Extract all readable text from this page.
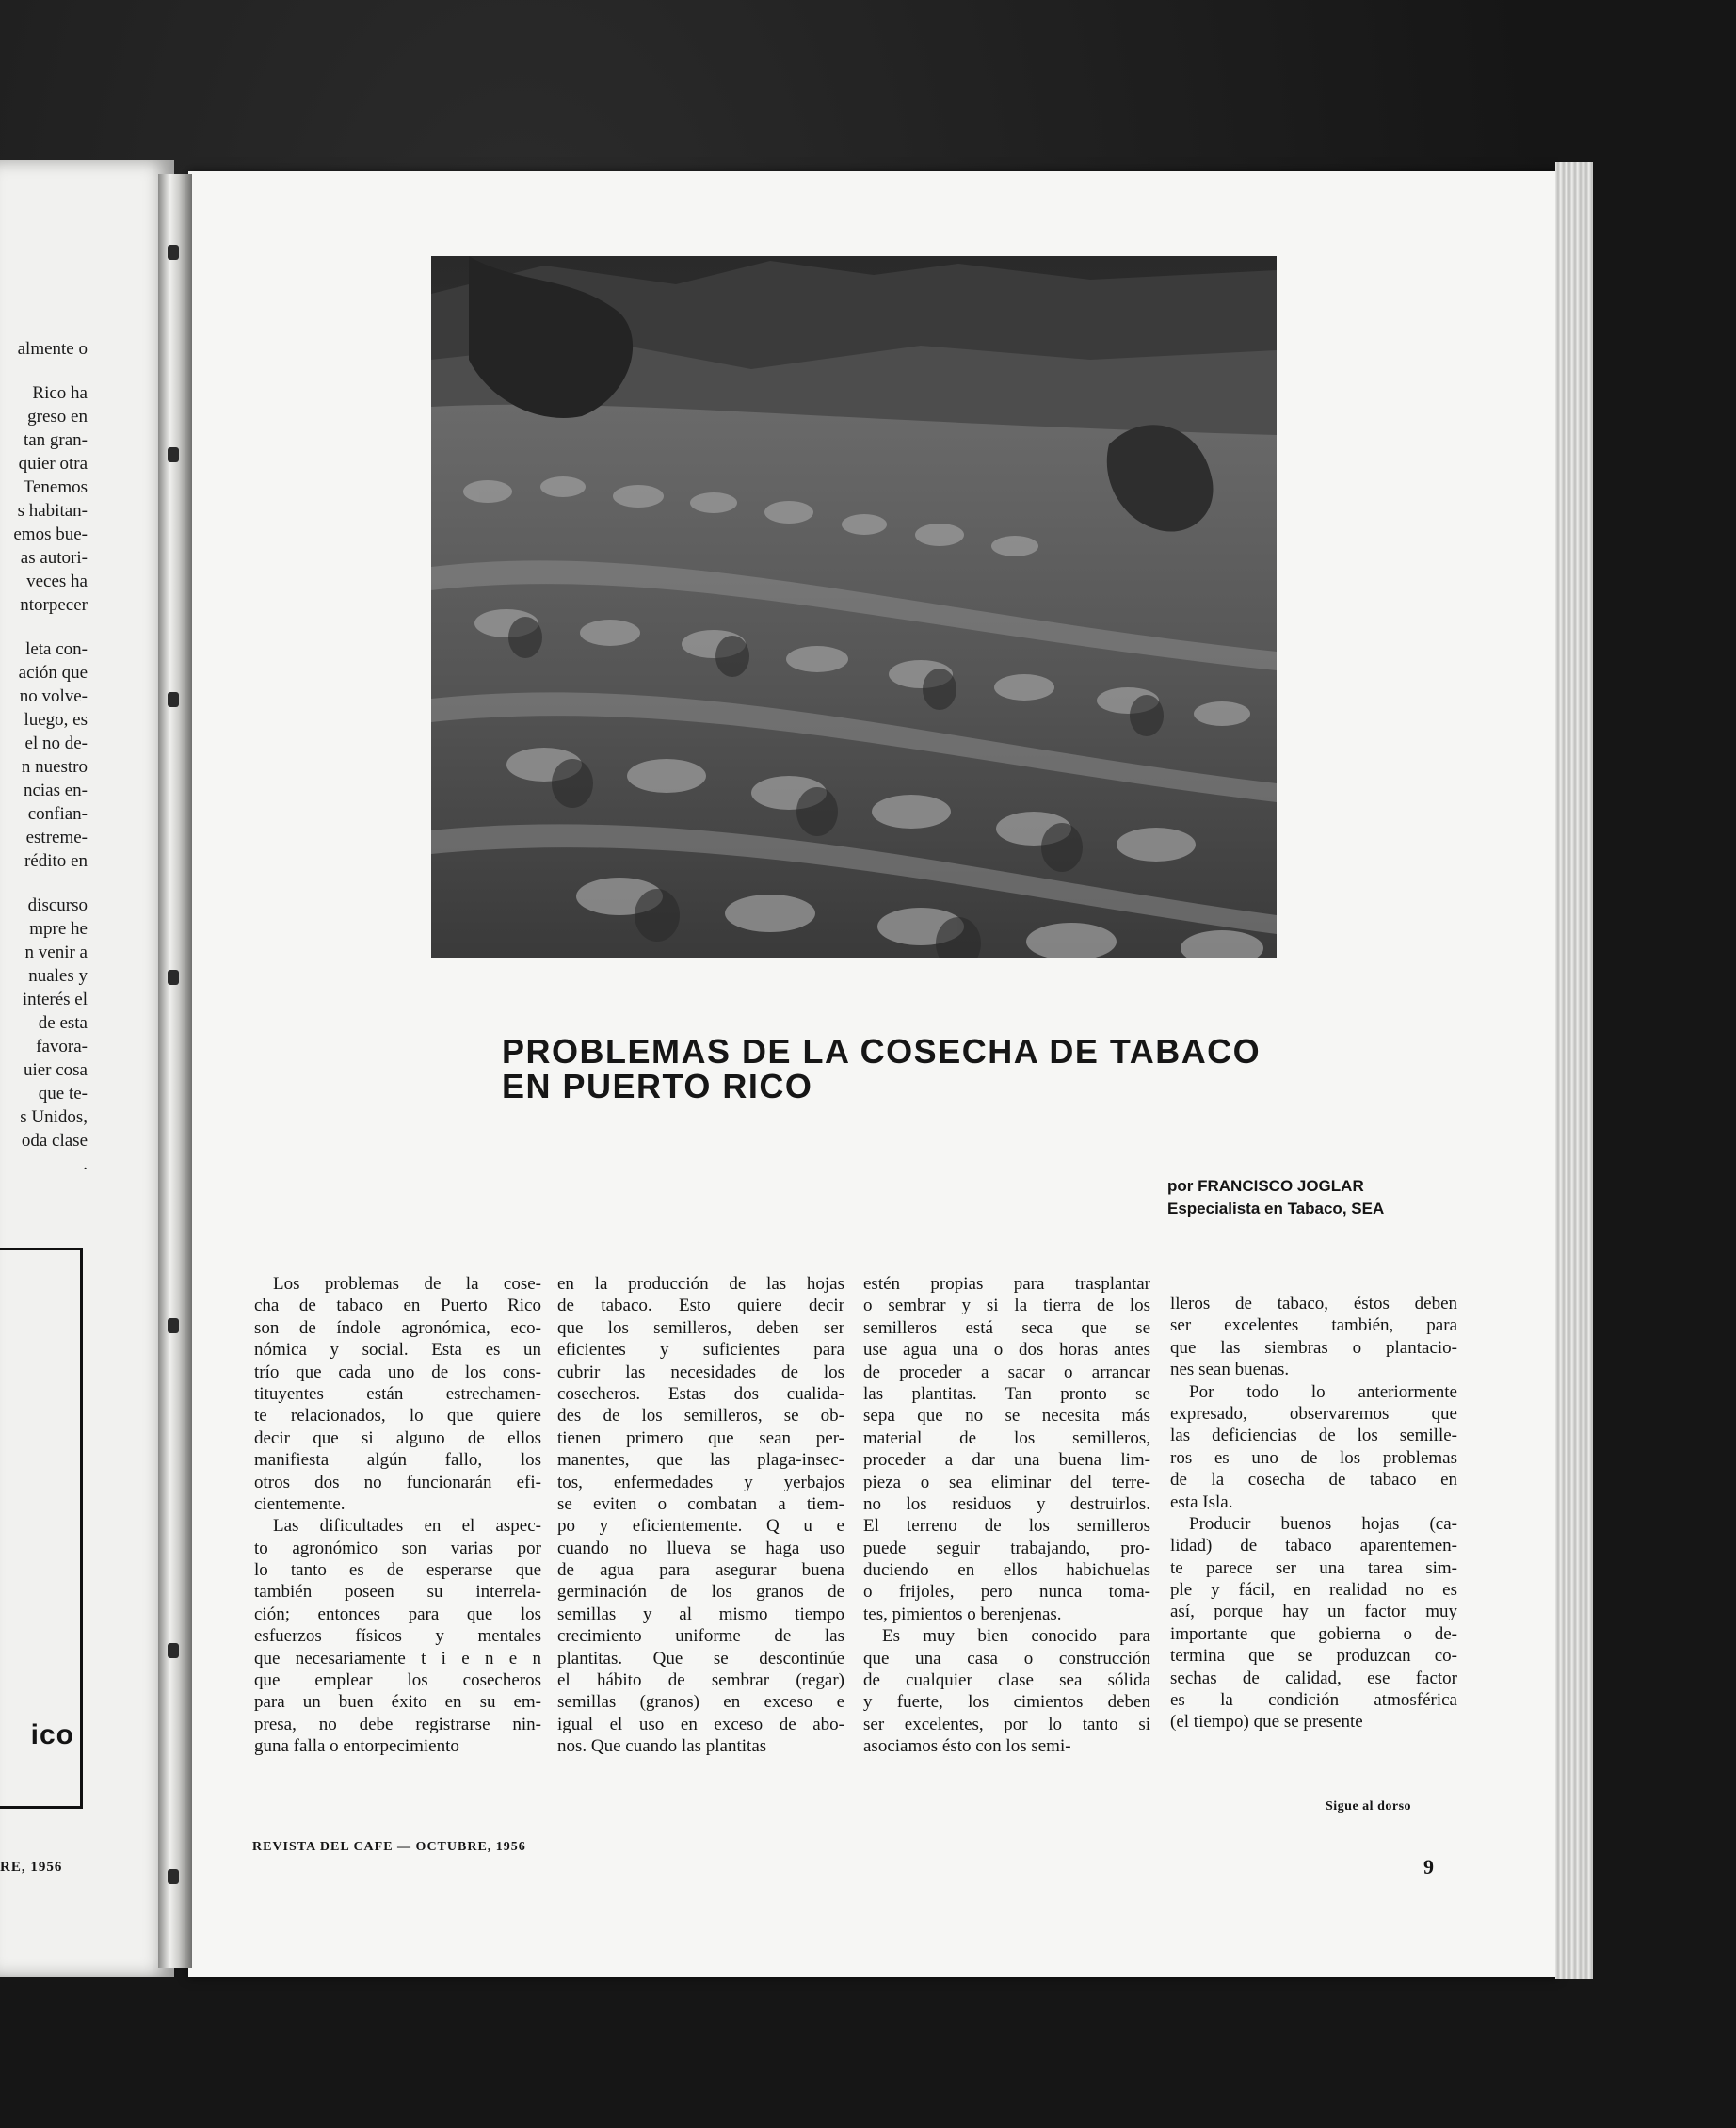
almente o

Rico ha
greso en
tan gran-
quier otra
Tenemos
s habitan-
emos bue-
as autori-
veces ha
ntorpecer

leta con-
ación que
no volve-
luego, es
el no de-
n nuestro
ncias en-
confian-
estreme-
rédito en

discurso
mpre he
n venir a
nuales y
interés el
de esta
favora-
uier cosa
que te-
s Unidos,
oda clase
.

ico
RE, 1956
PROBLEMAS DE LA COSECHA DE TABACO
EN PUERTO RICO
por FRANCISCO JOGLAR
Especialista en Tabaco, SEA
Los problemas de la cose-
cha de tabaco en Puerto Rico
son de índole agronómica, eco-
nómica y social. Esta es un
trío que cada uno de los cons-
tituyentes están estrechamen-
te relacionados, lo que quiere
decir que si alguno de ellos
manifiesta algún fallo, los
otros dos no funcionarán efi-
cientemente.
Las dificultades en el aspec-
to agronómico son varias por
lo tanto es de esperarse que
también poseen su interrela-
ción; entonces para que los
esfuerzos físicos y mentales
que necesariamente t i e n e n
que emplear los cosecheros
para un buen éxito en su em-
presa, no debe registrarse nin-
guna falla o entorpecimiento
en la producción de las hojas
de tabaco. Esto quiere decir
que los semilleros, deben ser
eficientes y suficientes para
cubrir las necesidades de los
cosecheros. Estas dos cualida-
des de los semilleros, se ob-
tienen primero que sean per-
manentes, que las plaga-insec-
tos, enfermedades y yerbajos
se eviten o combatan a tiem-
po y eficientemente. Q u e
cuando no llueva se haga uso
de agua para asegurar buena
germinación de los granos de
semillas y al mismo tiempo
crecimiento uniforme de las
plantitas. Que se descontinúe
el hábito de sembrar (regar)
semillas (granos) en exceso e
igual el uso en exceso de abo-
nos. Que cuando las plantitas
estén propias para trasplantar
o sembrar y si la tierra de los
semilleros está seca que se
use agua una o dos horas antes
de proceder a sacar o arrancar
las plantitas. Tan pronto se
sepa que no se necesita más
material de los semilleros,
proceder a dar una buena lim-
pieza o sea eliminar del terre-
no los residuos y destruirlos.
El terreno de los semilleros
puede seguir trabajando, pro-
duciendo en ellos habichuelas
o frijoles, pero nunca toma-
tes, pimientos o berenjenas.
Es muy bien conocido para
que una casa o construcción
de cualquier clase sea sólida
y fuerte, los cimientos deben
ser excelentes, por lo tanto si
asociamos ésto con los semi-
lleros de tabaco, éstos deben
ser excelentes también, para
que las siembras o plantacio-
nes sean buenas.
Por todo lo anteriormente
expresado, observaremos que
las deficiencias de los semille-
ros es uno de los problemas
de la cosecha de tabaco en
esta Isla.
Producir buenos hojas (ca-
lidad) de tabaco aparentemen-
te parece ser una tarea sim-
ple y fácil, en realidad no es
así, porque hay un factor muy
importante que gobierna o de-
termina que se produzcan co-
sechas de calidad, ese factor
es la condición atmosférica
(el tiempo) que se presente
Sigue al dorso
REVISTA DEL CAFE — OCTUBRE, 1956
9
